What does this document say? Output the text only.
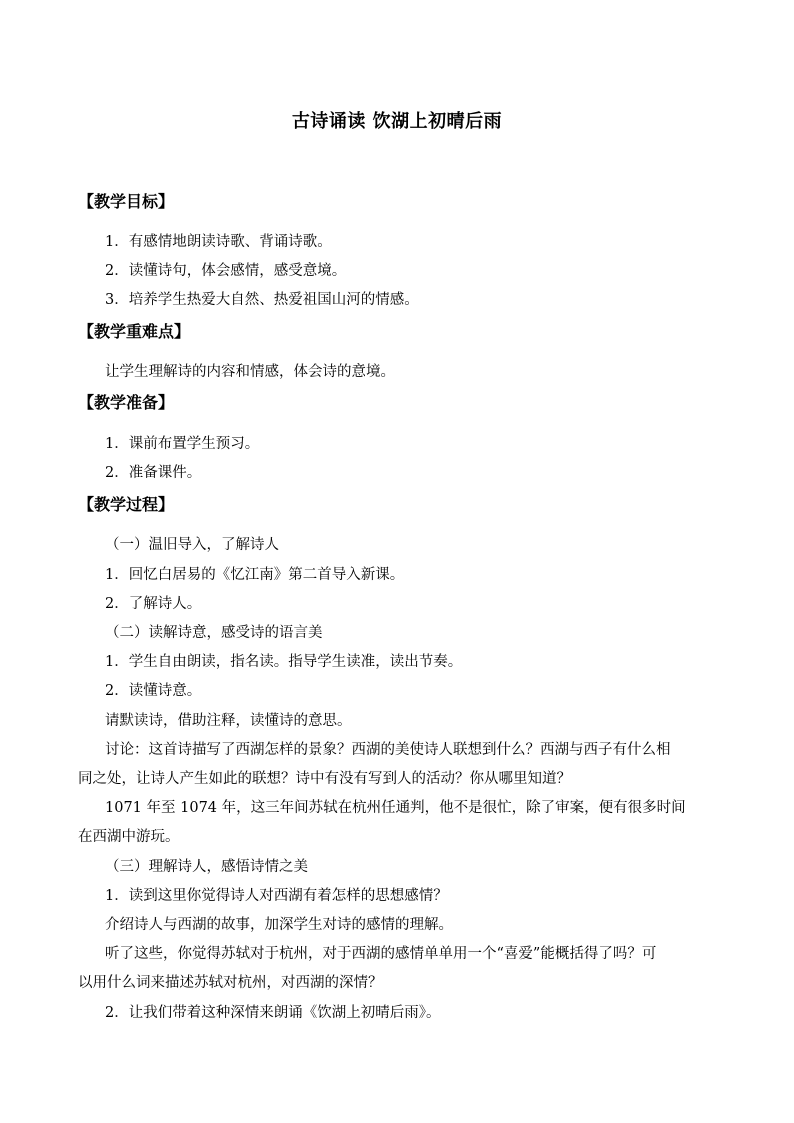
古诗诵读 饮湖上初晴后雨
【教学目标】
1．有感情地朗读诗歌、背诵诗歌。
2．读懂诗句，体会感情，感受意境。
3．培养学生热爱大自然、热爱祖国山河的情感。
【教学重难点】
让学生理解诗的内容和情感，体会诗的意境。
【教学准备】
1．课前布置学生预习。
2．准备课件。
【教学过程】
（一）温旧导入，了解诗人
1．回忆白居易的《忆江南》第二首导入新课。
2．了解诗人。
（二）读解诗意，感受诗的语言美
1．学生自由朗读，指名读。指导学生读准，读出节奏。
2．读懂诗意。
请默读诗，借助注释，读懂诗的意思。
讨论：这首诗描写了西湖怎样的景象？西湖的美使诗人联想到什么？西湖与西子有什么相
同之处，让诗人产生如此的联想？诗中有没有写到人的活动？你从哪里知道？
1071 年至 1074 年，这三年间苏轼在杭州任通判，他不是很忙，除了审案，便有很多时间
在西湖中游玩。
（三）理解诗人，感悟诗情之美
1．读到这里你觉得诗人对西湖有着怎样的思想感情？
介绍诗人与西湖的故事，加深学生对诗的感情的理解。
听了这些，你觉得苏轼对于杭州，对于西湖的感情单单用一个“喜爱”能概括得了吗？可
以用什么词来描述苏轼对杭州，对西湖的深情？
2．让我们带着这种深情来朗诵《饮湖上初晴后雨》。
